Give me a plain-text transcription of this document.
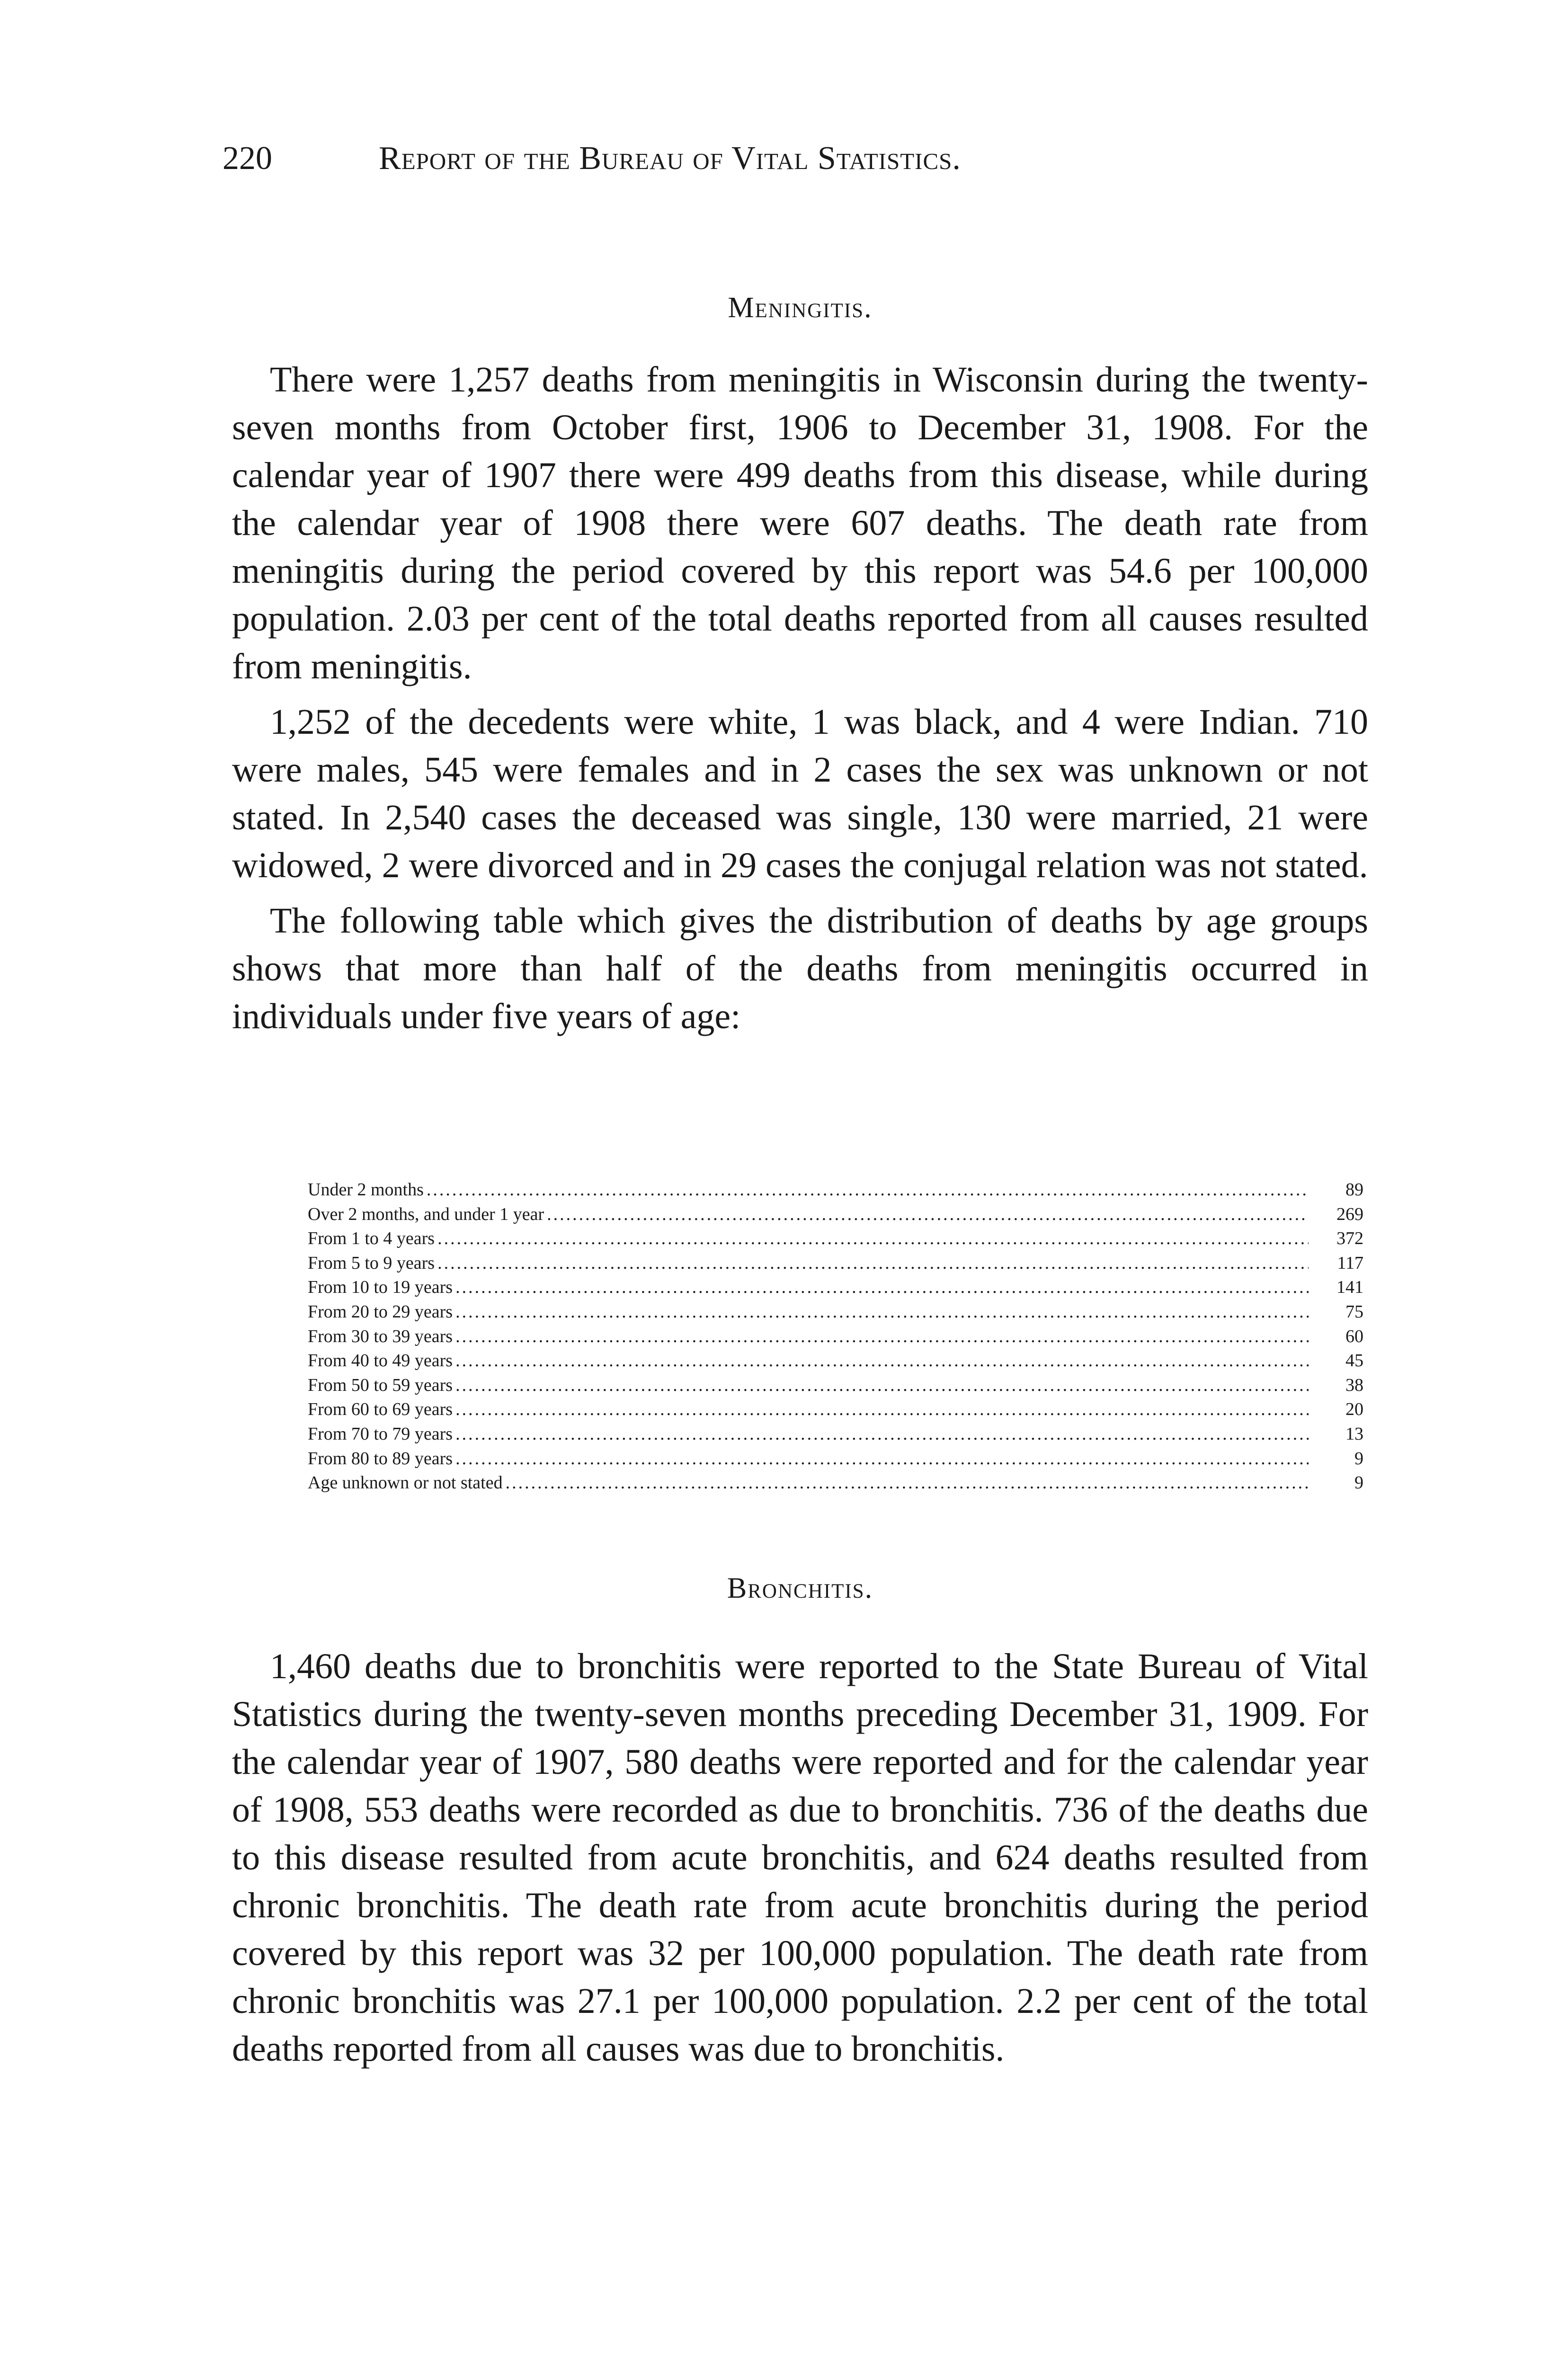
220	Report of the Bureau of Vital Statistics.
Meningitis.

There were 1,257 deaths from meningitis in Wisconsin during the twenty-seven months from October first, 1906 to December 31, 1908. For the calendar year of 1907 there were 499 deaths from this disease, while during the calendar year of 1908 there were 607 deaths. The death rate from meningitis during the period covered by this report was 54.6 per 100,000 population. 2.03 per cent of the total deaths reported from all causes resulted from meningitis.

1,252 of the decedents were white, 1 was black, and 4 were Indian. 710 were males, 545 were females and in 2 cases the sex was unknown or not stated. In 2,540 cases the deceased was single, 130 were married, 21 were widowed, 2 were divorced and in 29 cases the conjugal relation was not stated.

The following table which gives the distribution of deaths by age groups shows that more than half of the deaths from meningitis occurred in individuals under five years of age:

Under 2 months .....	89
Over 2 months, and under 1 year .....	269
From 1 to 4 years .....	372
From 5 to 9 years .....	117
From 10 to 19 years .....	141
From 20 to 29 years .....	75
From 30 to 39 years .....	60
From 40 to 49 years .....	45
From 50 to 59 years .....	38
From 60 to 69 years .....	20
From 70 to 79 years .....	13
From 80 to 89 years .....	9
Age unknown or not stated .....	9
Bronchitis.

1,460 deaths due to bronchitis were reported to the State Bureau of Vital Statistics during the twenty-seven months preceding December 31, 1909. For the calendar year of 1907, 580 deaths were reported and for the calendar year of 1908, 553 deaths were recorded as due to bronchitis. 736 of the deaths due to this disease resulted from acute bronchitis, and 624 deaths resulted from chronic bronchitis. The death rate from acute bronchitis during the period covered by this report was 32 per 100,000 population. The death rate from chronic bronchitis was 27.1 per 100,000 population. 2.2 per cent of the total deaths reported from all causes was due to bronchitis.
